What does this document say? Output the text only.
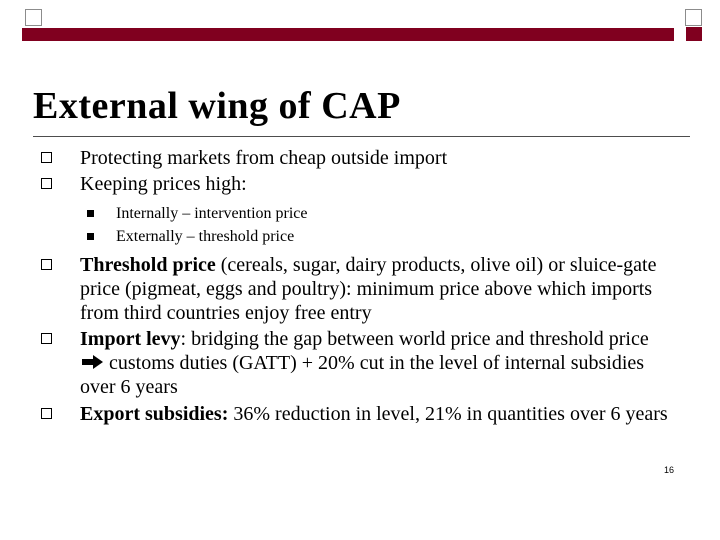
External wing of CAP
Protecting markets from cheap outside import
Keeping prices high:
Internally – intervention price
Externally – threshold price
Threshold price (cereals, sugar, dairy products, olive oil) or sluice-gate price (pigmeat, eggs and poultry): minimum price above which imports from third countries enjoy free entry
Import levy: bridging the gap between world price and threshold price  customs duties (GATT) + 20% cut in the level of internal subsidies over 6 years
Export subsidies: 36% reduction in level, 21% in quantities over 6 years
16
